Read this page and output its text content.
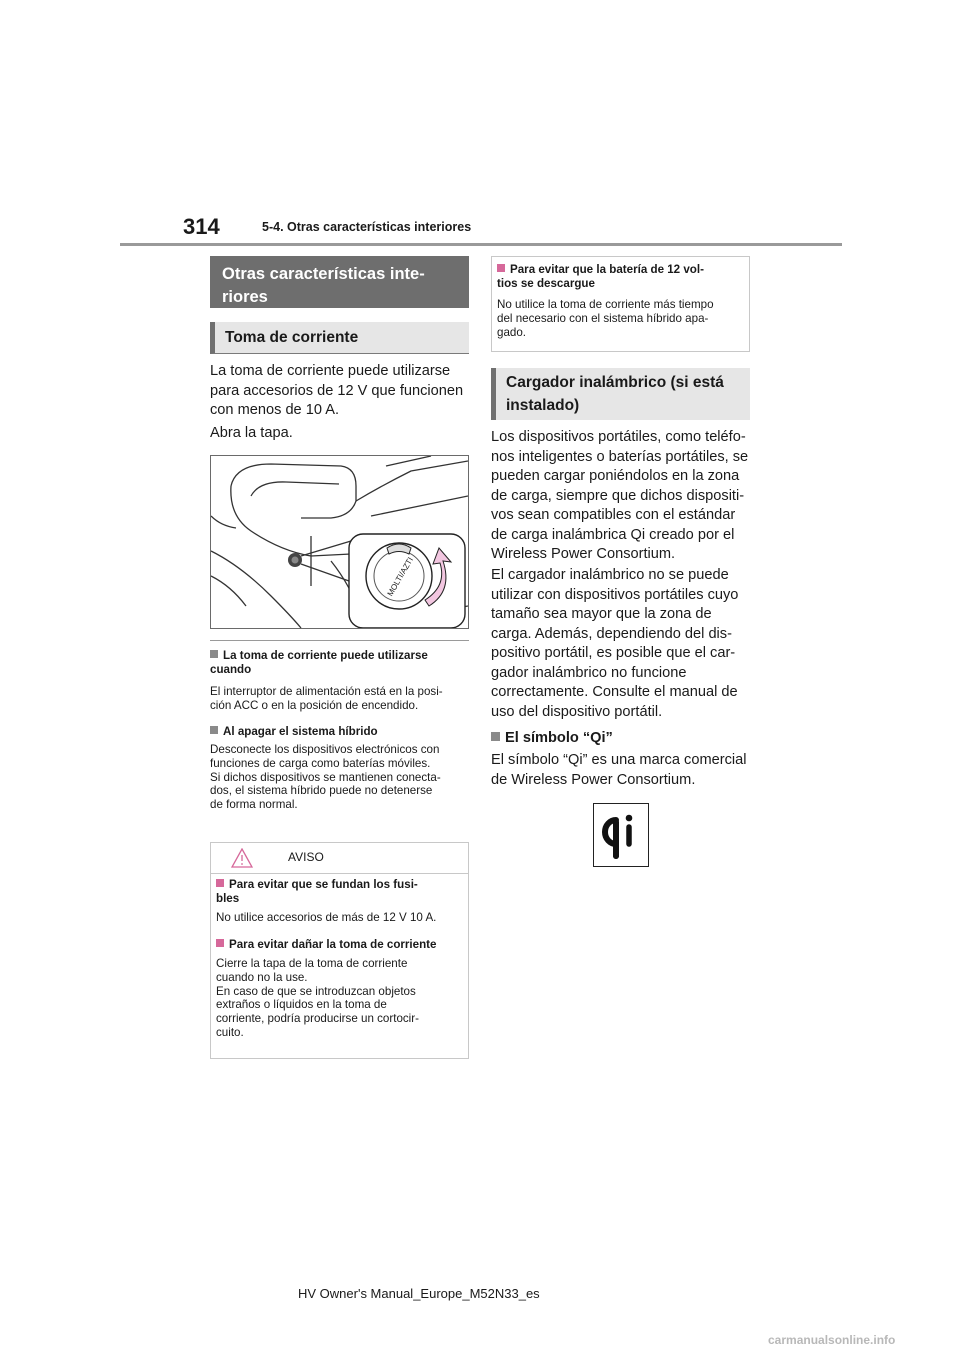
314	5-4. Otras características interiores
Otras características inte-
riores
Toma de corriente
La toma de corriente puede utilizarse
para accesorios de 12 V que funcionen
con menos de 10 A.
Abra la tapa.
MOLTI/AZTI
La toma de corriente puede utilizarse
cuando
El interruptor de alimentación está en la posi-
ción ACC o en la posición de encendido.
Al apagar el sistema híbrido
Desconecte los dispositivos electrónicos con
funciones de carga como baterías móviles.
Si dichos dispositivos se mantienen conecta-
dos, el sistema híbrido puede no detenerse
de forma normal.
AVISO
Para evitar que se fundan los fusi-
bles
No utilice accesorios de más de 12 V 10 A.
Para evitar dañar la toma de corriente
Cierre la tapa de la toma de corriente
cuando no la use.
En caso de que se introduzcan objetos
extraños o líquidos en la toma de
corriente, podría producirse un cortocir-
cuito.
Para evitar que la batería de 12 vol-
tios se descargue
No utilice la toma de corriente más tiempo
del necesario con el sistema híbrido apa-
gado.
Cargador inalámbrico (si está
instalado)
Los dispositivos portátiles, como teléfo-
nos inteligentes o baterías portátiles, se
pueden cargar poniéndolos en la zona
de carga, siempre que dichos dispositi-
vos sean compatibles con el estándar
de carga inalámbrica Qi creado por el
Wireless Power Consortium.
El cargador inalámbrico no se puede
utilizar con dispositivos portátiles cuyo
tamaño sea mayor que la zona de
carga. Además, dependiendo del dis-
positivo portátil, es posible que el car-
gador inalámbrico no funcione
correctamente. Consulte el manual de
uso del dispositivo portátil.
El símbolo “Qi”
El símbolo “Qi” es una marca comercial
de Wireless Power Consortium.
HV Owner's Manual_Europe_M52N33_es
carmanualsonline.info
